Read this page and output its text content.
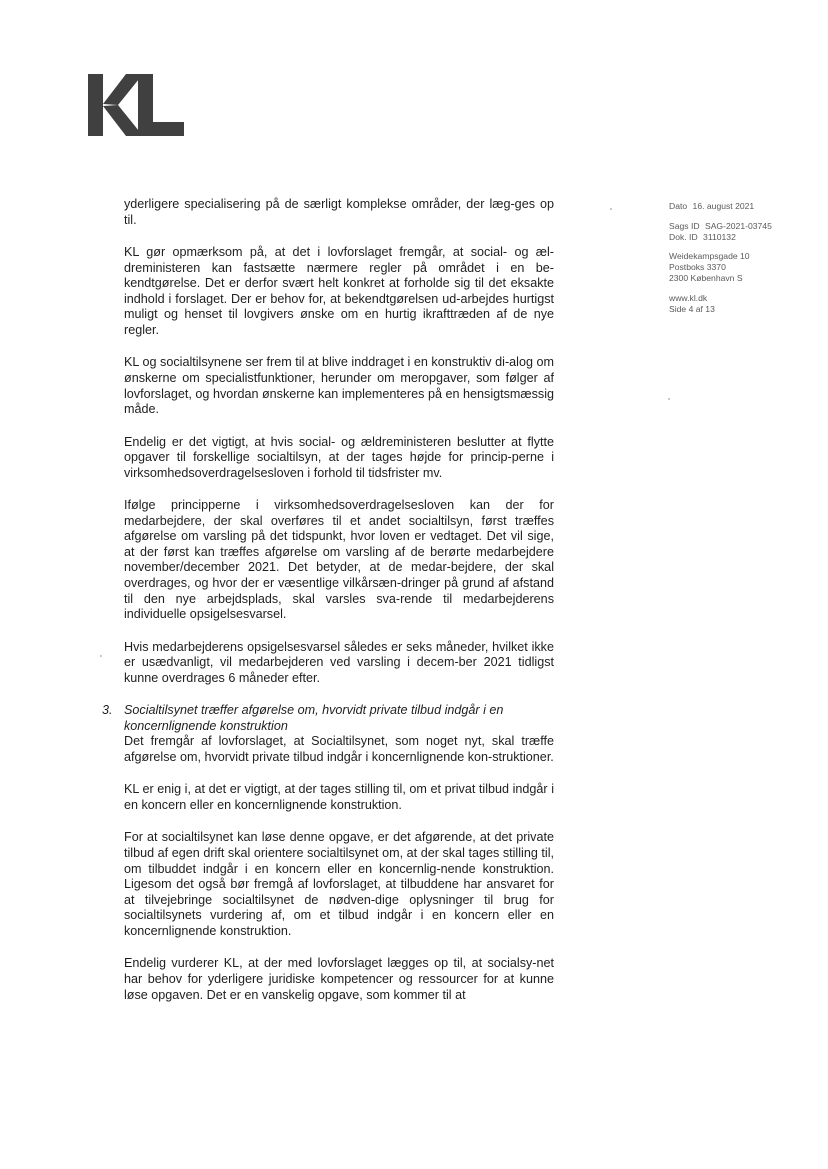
Dato 16. august 2021
Sags ID SAG-2021-03745
Dok. ID 3110132
Weidekampsgade 10
Postboks 3370
2300 København S
www.kl.dk
Side 4 af 13

yderligere specialisering på de særligt komplekse områder, der læg-ges op til.

KL gør opmærksom på, at det i lovforslaget fremgår, at social- og æl-dreministeren kan fastsætte nærmere regler på området i en be-kendtgørelse. Det er derfor svært helt konkret at forholde sig til det eksakte indhold i forslaget. Der er behov for, at bekendtgørelsen ud-arbejdes hurtigst muligt og henset til lovgivers ønske om en hurtig ikrafttræden af de nye regler.

KL og socialtilsynene ser frem til at blive inddraget i en konstruktiv di-alog om ønskerne om specialistfunktioner, herunder om meropgaver, som følger af lovforslaget, og hvordan ønskerne kan implementeres på en hensigtsmæssig måde.

Endelig er det vigtigt, at hvis social- og ældreministeren beslutter at flytte opgaver til forskellige socialtilsyn, at der tages højde for princip-perne i virksomhedsoverdragelsesloven i forhold til tidsfrister mv.

Ifølge principperne i virksomhedsoverdragelsesloven kan der for medarbejdere, der skal overføres til et andet socialtilsyn, først træffes afgørelse om varsling på det tidspunkt, hvor loven er vedtaget. Det vil sige, at der først kan træffes afgørelse om varsling af de berørte medarbejdere november/december 2021. Det betyder, at de medar-bejdere, der skal overdrages, og hvor der er væsentlige vilkårsæn-dringer på grund af afstand til den nye arbejdsplads, skal varsles sva-rende til medarbejderens individuelle opsigelsesvarsel.

Hvis medarbejderens opsigelsesvarsel således er seks måneder, hvilket ikke er usædvanligt, vil medarbejderen ved varsling i decem-ber 2021 tidligst kunne overdrages 6 måneder efter.

3. Socialtilsynet træffer afgørelse om, hvorvidt private tilbud indgår i en koncernlignende konstruktion
Det fremgår af lovforslaget, at Socialtilsynet, som noget nyt, skal træffe afgørelse om, hvorvidt private tilbud indgår i koncernlignende kon-struktioner.

KL er enig i, at det er vigtigt, at der tages stilling til, om et privat tilbud indgår i en koncern eller en koncernlignende konstruktion.

For at socialtilsynet kan løse denne opgave, er det afgørende, at det private tilbud af egen drift skal orientere socialtilsynet om, at der skal tages stilling til, om tilbuddet indgår i en koncern eller en koncernlig-nende konstruktion. Ligesom det også bør fremgå af lovforslaget, at tilbuddene har ansvaret for at tilvejebringe socialtilsynet de nødven-dige oplysninger til brug for socialtilsynets vurdering af, om et tilbud indgår i en koncern eller en koncernlignende konstruktion.

Endelig vurderer KL, at der med lovforslaget lægges op til, at socialsy-net har behov for yderligere juridiske kompetencer og ressourcer for at kunne løse opgaven. Det er en vanskelig opgave, som kommer til at
